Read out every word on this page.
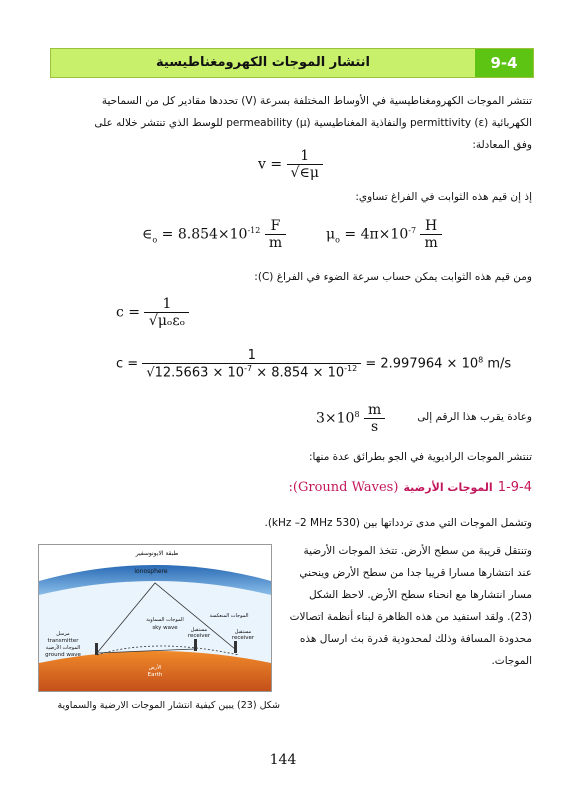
9-4
انتشار الموجات الكهرومغناطيسية
تنتشر الموجات الكهرومغناطيسية في الأوساط المختلفة بسرعة (V) تحددها مقادير كل من السماحية
الكهربائية (ε) permittivity والنفاذية المغناطيسية (μ) permeability للوسط الذي تنتشر خلاله على
وفق المعادلة:
$v = \frac{1}{√\in\mu}$
إذ إن قيم هذه الثوابت في الفراغ تساوي:
$\in_o = 8.854\times 10^{-12} \frac{F}{m}$	$\mu_o = 4\pi\times 10^{-7} \frac{H}{m}$
ومن قيم هذه الثوابت يمكن حساب سرعة الضوء في الفراغ (C):
$c = \frac{1}{\text{√μₒεₒ}}$
$c = \frac{1}{√12.5663 \times 10^{-7} \times 8.854 \times 10^{-12}} = 2.997964 \times 10^8$ m/s
وعادة يقرب هذا الرقم إلى
$3\times 10^8 \frac{m}{s}$
تنتشر الموجات الراديوية في الجو بطرائق عدة منها:
1-9-4 الموجات الأرضية (Ground Waves):
وتشمل الموجات التي مدى تردداتها بين (530 kHz –2 MHz).
وتنتقل قريبة من سطح الأرض. تتخذ الموجات الأرضية
عند انتشارها مسارا قريبا جدا من سطح الأرض وينحني
مسار انتشارها مع انحناء سطح الأرض. لاحظ الشكل
(23). ولقد استفيد من هذه الظاهرة لبناء أنظمة اتصالات
محدودة المسافة وذلك لمحدودية قدرة بث ارسال هذه
الموجات.
طبقة الايونوسفير
ionosphere
الموجات السماوية
sky wave
الموجات المنعكسة
مرسل
transmitter
الموجات الأرضية
ground wave
مستقبل
receiver
مستقبل
receiver
الأرض
Earth
شكل (23) يبين كيفية انتشار الموجات الارضية والسماوية
144
